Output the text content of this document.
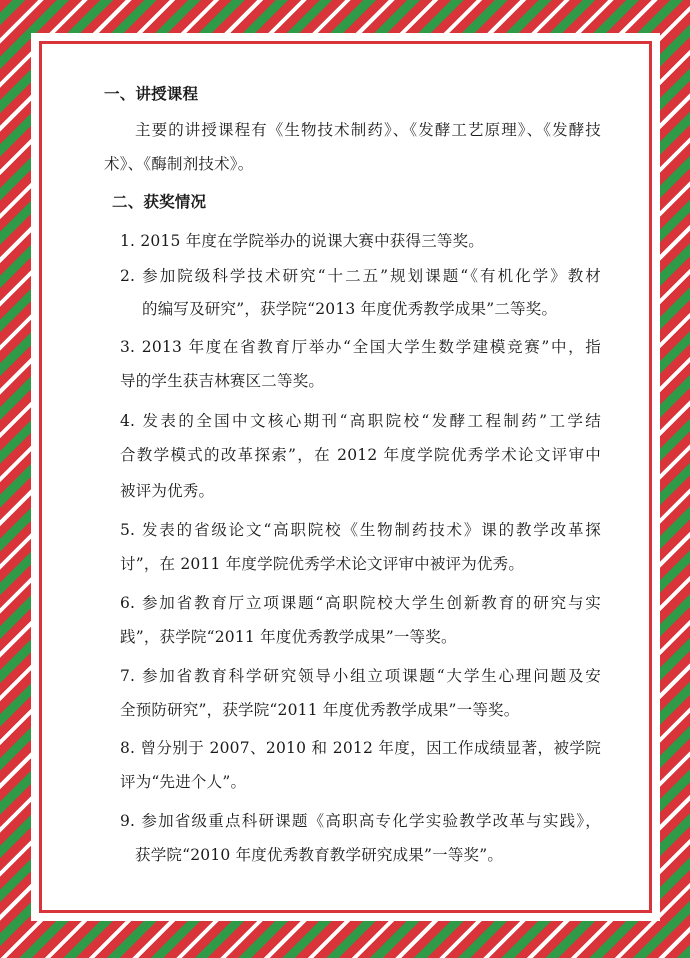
一、讲授课程
主要的讲授课程有《生物技术制药》、《发酵工艺原理》、《发酵技
术》、《酶制剂技术》。
二、获奖情况
1. 2015 年度在学院举办的说课大赛中获得三等奖。
2. 参加院级科学技术研究“十二五”规划课题“《有机化学》教材
的编写及研究”，获学院“2013 年度优秀教学成果”二等奖。
3. 2013 年度在省教育厅举办“全国大学生数学建模竞赛”中，指
导的学生获吉林赛区二等奖。
4. 发表的全国中文核心期刊“高职院校“发酵工程制药”工学结
合教学模式的改革探索”，在 2012 年度学院优秀学术论文评审中
被评为优秀。
5. 发表的省级论文“高职院校《生物制药技术》课的教学改革探
讨”，在 2011 年度学院优秀学术论文评审中被评为优秀。
6. 参加省教育厅立项课题“高职院校大学生创新教育的研究与实
践”，获学院“2011 年度优秀教学成果”一等奖。
7. 参加省教育科学研究领导小组立项课题“大学生心理问题及安
全预防研究”，获学院“2011 年度优秀教学成果”一等奖。
8. 曾分别于 2007、2010 和 2012 年度，因工作成绩显著，被学院
评为“先进个人”。
9. 参加省级重点科研课题《高职高专化学实验教学改革与实践》，
获学院“2010 年度优秀教育教学研究成果”一等奖”。
